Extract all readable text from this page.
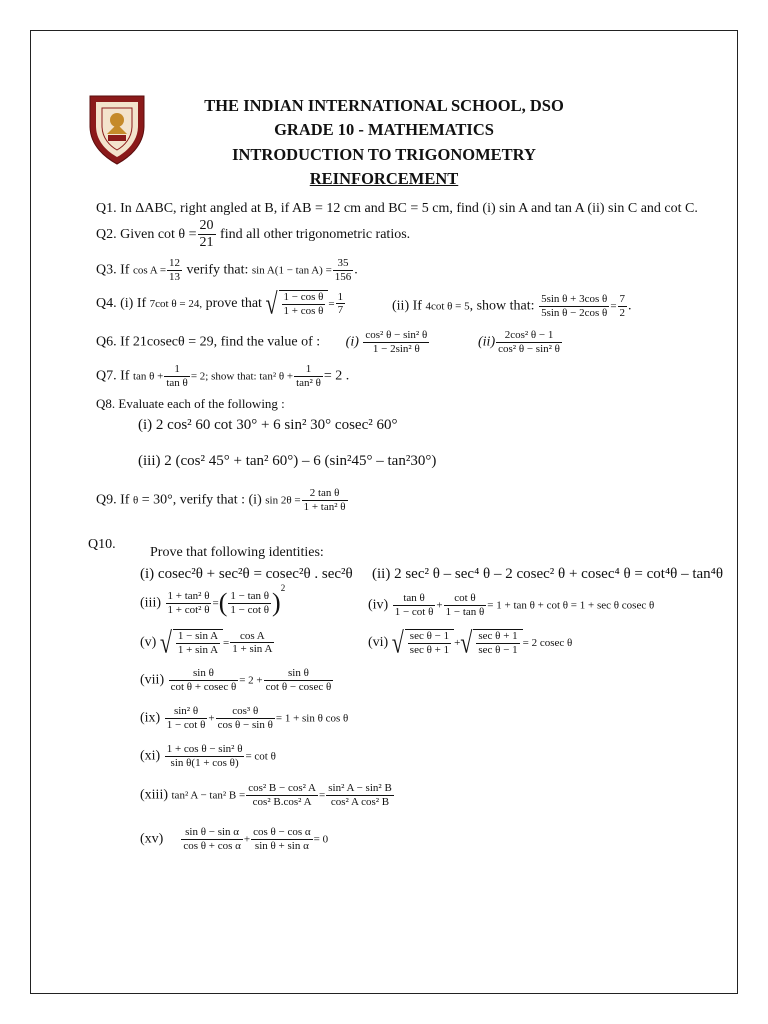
THE INDIAN INTERNATIONAL SCHOOL, DSO
GRADE 10 - MATHEMATICS
INTRODUCTION TO TRIGONOMETRY
REINFORCEMENT
Q1. In ΔABC, right angled at B, if AB = 12 cm and BC = 5 cm, find (i) sin A and tan A (ii) sin C and cot C.
Q2. Given $\cot \theta = \frac{20}{21}$ find all other trigonometric ratios.
Q3. If $\cos A = \frac{12}{13}$ verify that: $\sin A(1 - \tan A) = \frac{35}{156}$ .
Q4. (i) If 7cot θ = 24, prove that √ $\frac{\text{1 − cos θ}}{\text{1 + cos θ}} = \frac{1}{7}$	(ii) If 4cot θ = 5, show that: $\frac{\text{5sin θ + 3cos θ}}{\text{5sin θ − 2cos θ}} = \frac{7}{2}$ .
Q6. If 21cosecθ = 29, find the value of : $(i) \frac{\text{cos² θ − sin² θ}}{\text{1 − 2sin² θ}}$	$(ii) \frac{\text{2cos² θ − 1}}{\text{cos² θ − sin² θ}}$
Q7. If $\tan \theta + \frac{1}{\text{tan θ}} = 2$; show that: tan² $\theta + \frac{1}{\text{tan² θ}} = 2$ .
Q8. Evaluate each of the following :
(i) 2 cos² 60 cot 30° + 6 sin² 30° cosec² 60°
(iii) 2 (cos² 45° + tan² 60°) – 6 (sin²45° – tan²30°)
Q9. If θ = 30°, verify that : (i) $\sin 2\theta = \frac{\text{2 tan θ}}{\text{1 + tan² θ}}$
Q10.
Prove that following identities:
(i) cosec²θ + sec²θ = cosec²θ . sec²θ (ii) 2 sec² θ – sec⁴ θ – 2 cosec² θ + cosec⁴ θ = cot⁴θ – tan⁴θ
$(iii) \frac{\text{1 + tan² θ}}{\text{1 + cot² θ}}$ =( $\frac{\text{1 − tan θ}}{\text{1 − cot θ}} )^2$
$(iv) \frac{\text{tan θ}}{\text{1 − cot θ}} + \frac{\text{cot θ}}{\text{1 − tan θ}} = 1 + \tan \theta + \cot \theta = 1 + \sec \theta$ cosec θ
(v) √ $\frac{\text{1 − sin A}}{\text{1 + sin A}} = \frac{\text{cos A}}{\text{1 + sin A}}$	(vi) √ sec θ − 1
sec θ + 1
+√ sec θ + 1
sec θ − 1
= 2 cosec θ
$(vii) \frac{\text{sin θ}}{\text{cot θ + cosec θ}} = 2 + \frac{\text{sin θ}}{\text{cot θ − cosec θ}}$
$(ix) \frac{\text{sin² θ}}{\text{1 − cot θ}} + \frac{\text{cos³ θ}}{\text{cos θ − sin θ}} = 1 + \sin \theta$ cos θ
$(xi) \frac{\text{1 + cos θ − sin² θ}}{\text{sin θ(1 + cos θ)}} = \cot \theta$
(xiii) tan² A − tan² $B = \frac{\text{cos² B − cos² A}}{\text{cos² B.cos² A}} = \frac{\text{sin² A − sin² B}}{\text{cos² A cos² B}}$
$(xv) \frac{\text{sin θ − sin α}}{\text{cos θ + cos α}} + \frac{\text{cos θ − cos α}}{\text{sin θ + sin α}} = 0$
